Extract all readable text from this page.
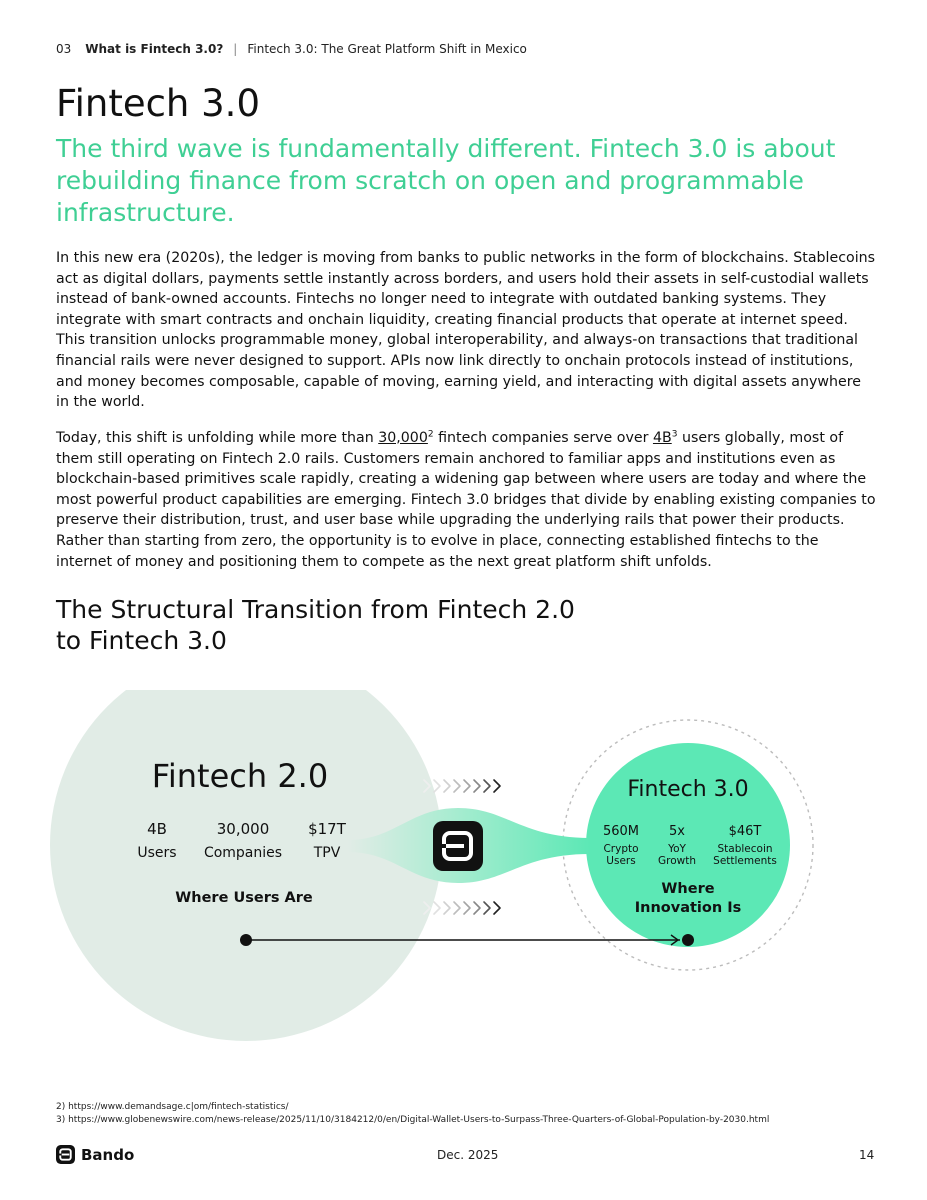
03 What is Fintech 3.0? | Fintech 3.0: The Great Platform Shift in Mexico
Fintech 3.0

The third wave is fundamentally different. Fintech 3.0 is about rebuilding finance from scratch on open and programmable infrastructure.

In this new era (2020s), the ledger is moving from banks to public networks in the form of blockchains. Stablecoins act as digital dollars, payments settle instantly across borders, and users hold their assets in self-custodial wallets instead of bank-owned accounts. Fintechs no longer need to integrate with outdated banking systems. They integrate with smart contracts and onchain liquidity, creating financial products that operate at internet speed. This transition unlocks programmable money, global interoperability, and always-on transactions that traditional financial rails were never designed to support. APIs now link directly to onchain protocols instead of institutions, and money becomes composable, capable of moving, earning yield, and interacting with digital assets anywhere in the world.

Today, this shift is unfolding while more than 30,000$^2$ fintech companies serve over $4B^3$ users globally, most of them still operating on Fintech 2.0 rails. Customers remain anchored to familiar apps and institutions even as blockchain-based primitives scale rapidly, creating a widening gap between where users are today and where the most powerful product capabilities are emerging. Fintech 3.0 bridges that divide by enabling existing companies to preserve their distribution, trust, and user base while upgrading the underlying rails that power their products. Rather than starting from zero, the opportunity is to evolve in place, connecting established fintechs to the internet of money and positioning them to compete as the next great platform shift unfolds.

The Structural Transition from Fintech 2.0 to Fintech 3.0
Fintech 2.0
4B
Users
30,000
Companies
$17T
TPV
Where Users Are
Fintech 3.0
560M
Crypto
Users
5x
YoY
Growth
$46T
Stablecoin
Settlements
Where
Innovation Is
2) https://www.demandsage.c|om/fintech-statistics/
3) https://www.globenewswire.com/news-release/2025/11/10/3184212/0/en/Digital-Wallet-Users-to-Surpass-Three-Quarters-of-Global-Population-by-2030.html
Bando	Dec. 2025	14
